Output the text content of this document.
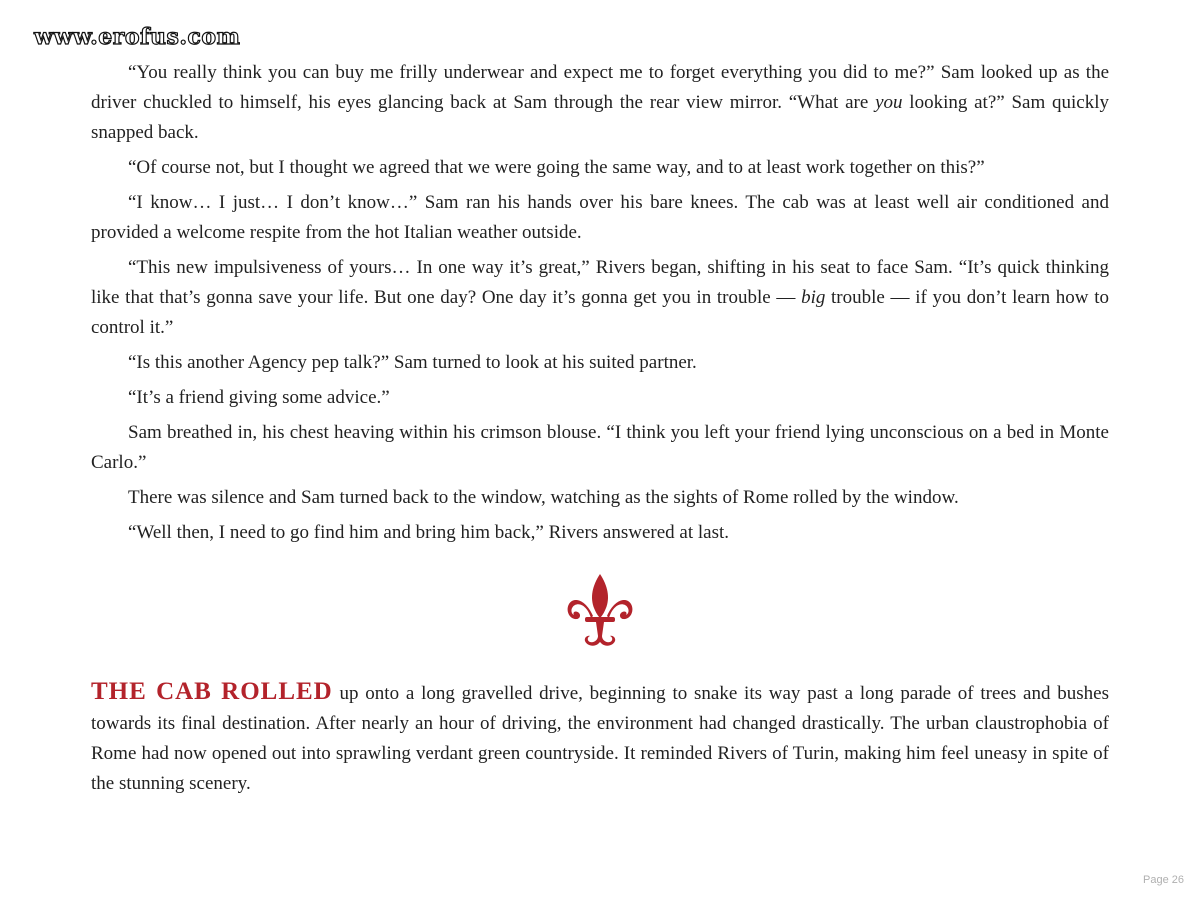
www.erofus.com

“You really think you can buy me frilly underwear and expect me to forget everything you did to me?” Sam looked up as the driver chuckled to himself, his eyes glancing back at Sam through the rear view mirror. “What are you looking at?” Sam quickly snapped back.

“Of course not, but I thought we agreed that we were going the same way, and to at least work together on this?”

“I know… I just… I don’t know…” Sam ran his hands over his bare knees. The cab was at least well air conditioned and provided a welcome respite from the hot Italian weather outside.

“This new impulsiveness of yours… In one way it’s great,” Rivers began, shifting in his seat to face Sam. “It’s quick thinking like that that’s gonna save your life. But one day? One day it’s gonna get you in trouble — big trouble — if you don’t learn how to control it.”

“Is this another Agency pep talk?” Sam turned to look at his suited partner.

“It’s a friend giving some advice.”

Sam breathed in, his chest heaving within his crimson blouse. “I think you left your friend lying unconscious on a bed in Monte Carlo.”

There was silence and Sam turned back to the window, watching as the sights of Rome rolled by the window.

“Well then, I need to go find him and bring him back,” Rivers answered at last.

THE CAB ROLLED up onto a long gravelled drive, beginning to snake its way past a long parade of trees and bushes towards its final destination. After nearly an hour of driving, the environment had changed drastically. The urban claustrophobia of Rome had now opened out into sprawling verdant green countryside. It reminded Rivers of Turin, making him feel uneasy in spite of the stunning scenery.

Page 26
